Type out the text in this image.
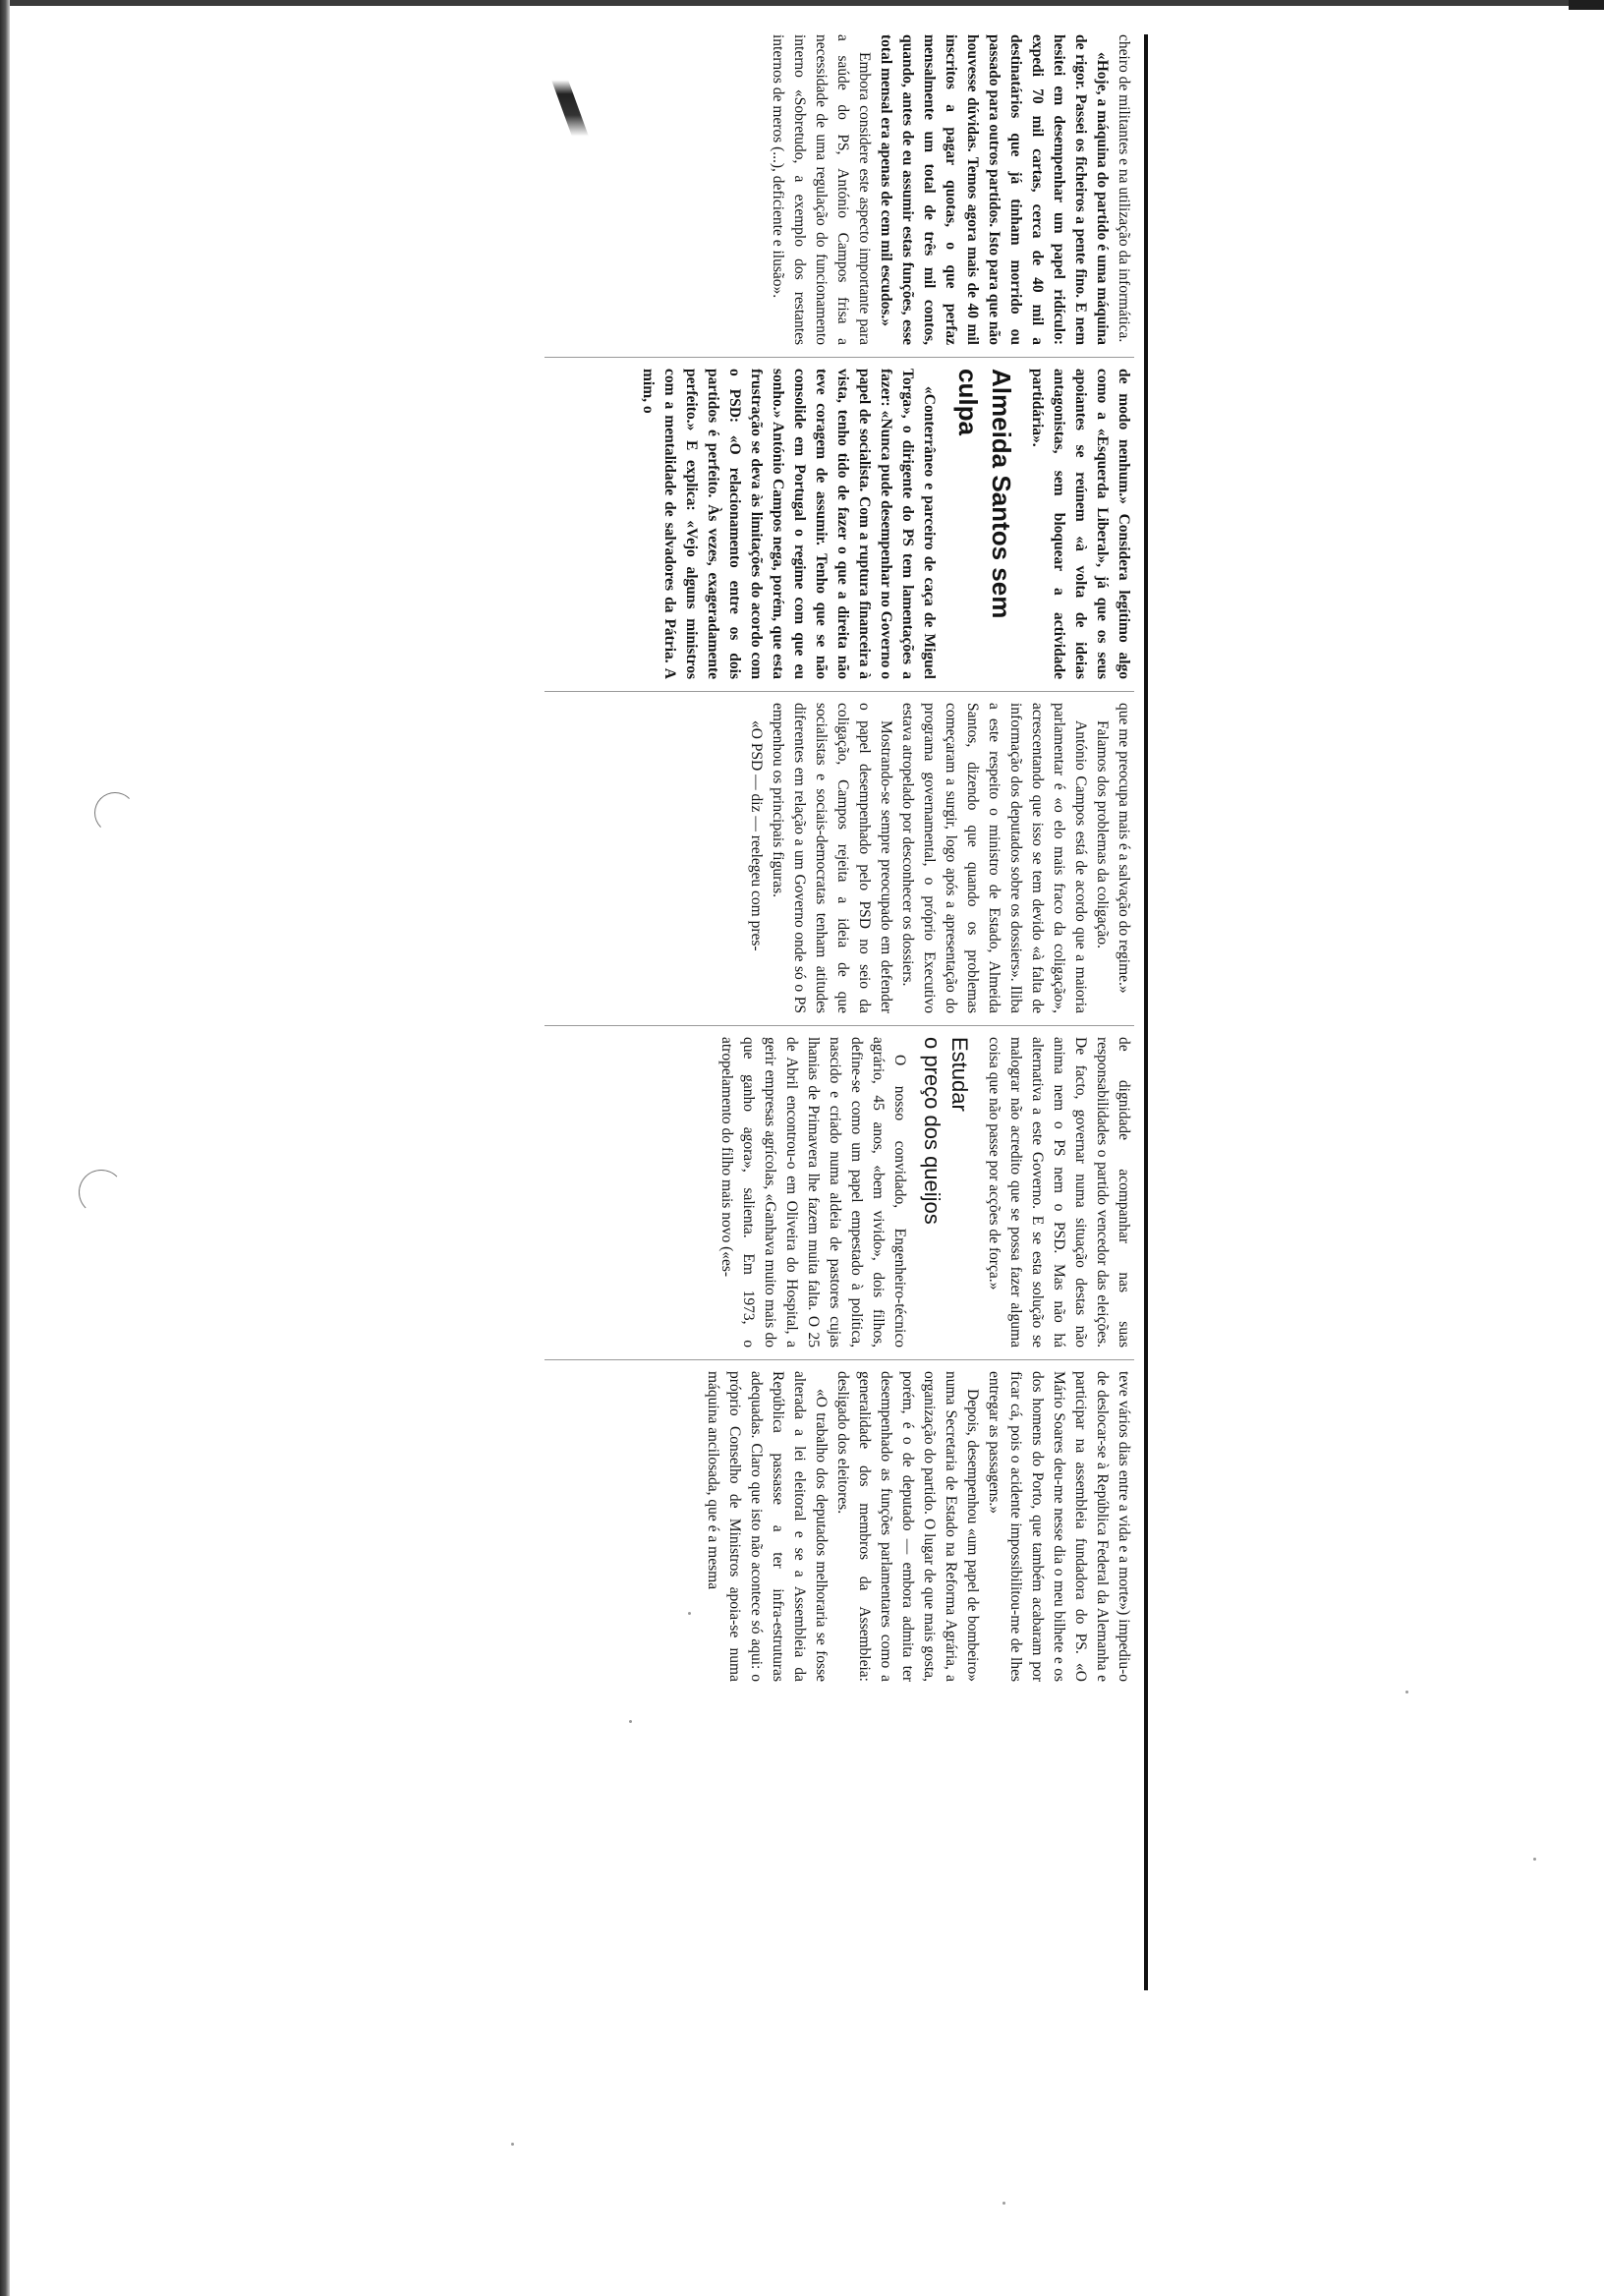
cheiro de militantes e na utilização da informática.

«Hoje, a máquina do partido é uma máquina de rigor. Passei os ficheiros a pente fino. E nem hesitei em desempenhar um papel ridículo: expedi 70 mil cartas, cerca de 40 mil a destinatários que já tinham morrido ou passado para outros partidos. Isto para que não houvesse dúvidas. Temos agora mais de 40 mil inscritos a pagar quotas, o que perfaz mensalmente um total de três mil contos, quando, antes de eu assumir estas funções, esse total mensal era apenas de cem mil escudos.»

Embora considere este aspecto importante para a saúde do PS, António Campos frisa a necessidade de uma regulação do funcionamento interno «Sobretudo, a exemplo dos restantes internos de meros (...), deficiente e ilusão».

de modo nenhum.» Considera legítimo algo como a «Esquerda Liberal», já que os seus apoiantes se reúnem «à volta de ideias antagonistas, sem bloquear a actividade partidária».

Almeida Santos sem culpa

«Conterrâneo e parceiro de caça de Miguel Torga», o dirigente do PS tem lamentações a fazer: «Nunca pude desempenhar no Governo o papel de socialista. Com a ruptura financeira à vista, tenho tido de fazer o que a direita não teve coragem de assumir. Tenho que se não consolide em Portugal o regime com que eu sonho.» António Campos nega, porém, que esta frustração se deva às limitações do acordo com o PSD: «O relacionamento entre os dois partidos é perfeito. Às vezes, exageradamente perfeito.» E explica: «Vejo alguns ministros com a mentalidade de salvadores da Pátria. A mim, o

que me preocupa mais é a salvação do regime.»

Falamos dos problemas da coligação.

António Campos está de acordo que a maioria parlamentar é «o elo mais fraco da coligação», acrescentando que isso se tem devido «à falta de informação dos deputados sobre os dossiers». Iliba a este respeito o ministro de Estado, Almeida Santos, dizendo que quando os problemas começaram a surgir, logo após a apresentação do programa governamental, o próprio Executivo estava atropelado por desconhecer os dossiers.

Mostrando-se sempre preocupado em defender o papel desempenhado pelo PSD no seio da coligação, Campos rejeita a ideia de que socialistas e sociais-democratas tenham atitudes diferentes em relação a um Governo onde só o PS empenhou os principais figuras.

«O PSD — diz — reelegeu com pres-

de dignidade acompanhar nas suas responsabilidades o partido vencedor das eleições. De facto, governar numa situação destas não anima nem o PS nem o PSD. Mas não há alternativa a este Governo. E se esta solução se malograr não acredito que se possa fazer alguma coisa que não passe por acções de força.»

Estudar
o preço dos queijos

O nosso convidado, Engenheiro-técnico agrário, 45 anos, «bem vivido», dois filhos, define-se como um papel empestado à política, nascido e criado numa aldeia de pastores cujas lhanias de Primavera lhe fazem muita falta. O 25 de Abril encontrou-o em Oliveira do Hospital, a gerir empresas agrícolas, «Ganhava muito mais do que ganho agora», salienta. Em 1973, o atropelamento do filho mais novo («es-

teve vários dias entre a vida e a morte») impediu-o de deslocar-se à República Federal da Alemanha e participar na assembleia fundadora do PS. «O Mário Soares deu-me nesse dia o meu bilhete e os dos homens do Porto, que também acabaram por ficar cá, pois o acidente impossibilitou-me de lhes entregar as passagens.»

Depois, desempenhou «um papel de bombeiro» numa Secretaria de Estado na Reforma Agrária, a organização do partido. O lugar de que mais gosta, porém, é o de deputado — embora admita ter desempenhado as funções parlamentares como a generalidade dos membros da Assembleia: desligado dos eleitores.

«O trabalho dos deputados melhoraria se fosse alterada a lei eleitoral e se a Assembleia da República passasse a ter infra-estruturas adequadas. Claro que isto não acontece só aqui: o próprio Conselho de Ministros apoia-se numa máquina ancilosada, que é a mesma
